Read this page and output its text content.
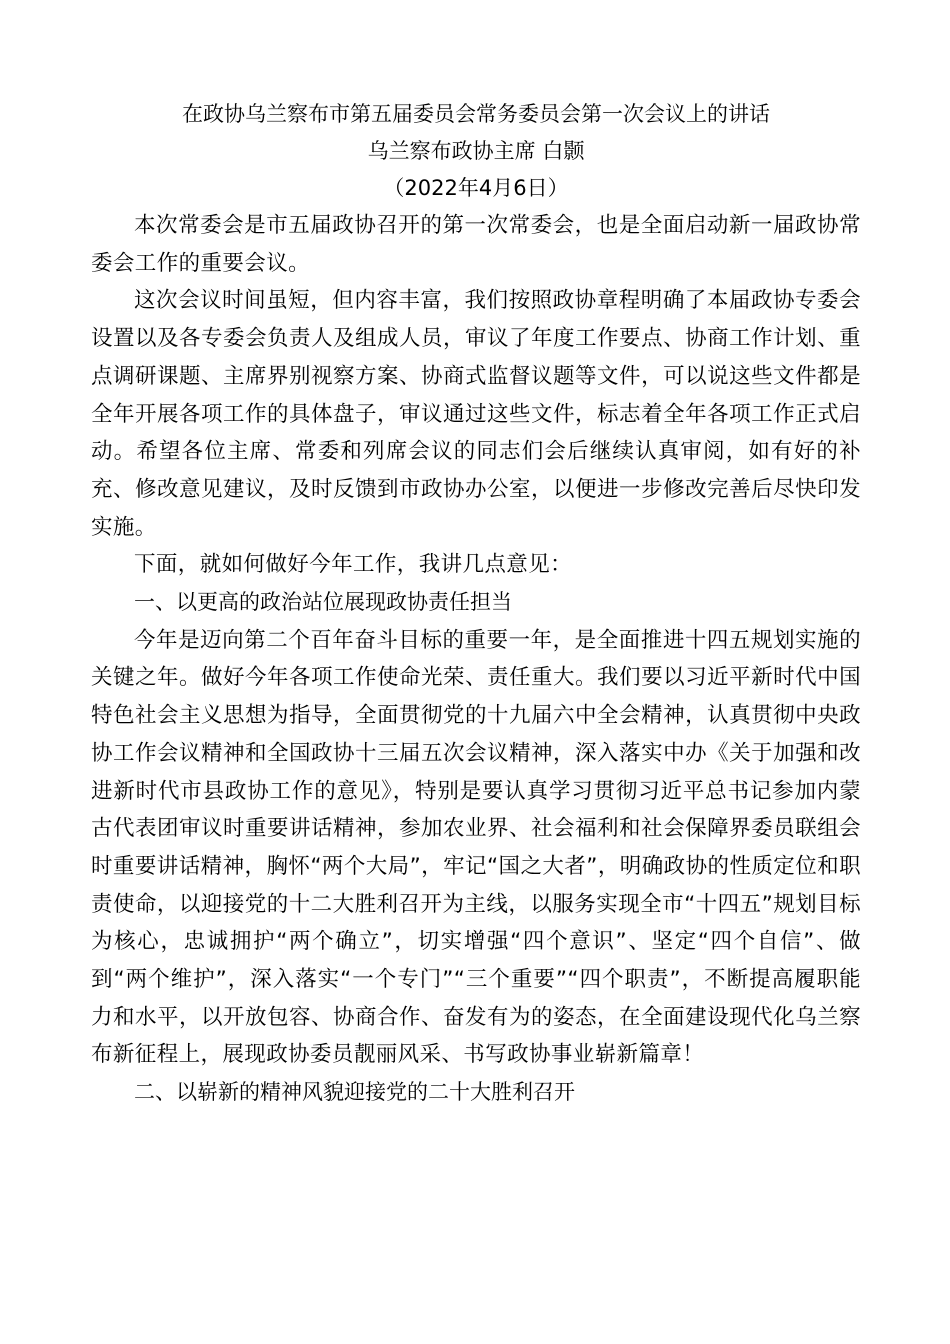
在政协乌兰察布市第五届委员会常务委员会第一次会议上的讲话

乌兰察布政协主席 白颢

（2022年4月6日）

本次常委会是市五届政协召开的第一次常委会，也是全面启动新一届政协常委会工作的重要会议。

这次会议时间虽短，但内容丰富，我们按照政协章程明确了本届政协专委会设置以及各专委会负责人及组成人员，审议了年度工作要点、协商工作计划、重点调研课题、主席界别视察方案、协商式监督议题等文件，可以说这些文件都是全年开展各项工作的具体盘子，审议通过这些文件，标志着全年各项工作正式启动。希望各位主席、常委和列席会议的同志们会后继续认真审阅，如有好的补充、修改意见建议，及时反馈到市政协办公室，以便进一步修改完善后尽快印发实施。

下面，就如何做好今年工作，我讲几点意见：

一、以更高的政治站位展现政协责任担当

今年是迈向第二个百年奋斗目标的重要一年，是全面推进十四五规划实施的关键之年。做好今年各项工作使命光荣、责任重大。我们要以习近平新时代中国特色社会主义思想为指导，全面贯彻党的十九届六中全会精神，认真贯彻中央政协工作会议精神和全国政协十三届五次会议精神，深入落实中办《关于加强和改进新时代市县政协工作的意见》，特别是要认真学习贯彻习近平总书记参加内蒙古代表团审议时重要讲话精神，参加农业界、社会福利和社会保障界委员联组会时重要讲话精神，胸怀“两个大局”，牢记“国之大者”，明确政协的性质定位和职责使命，以迎接党的十二大胜利召开为主线，以服务实现全市“十四五”规划目标为核心，忠诚拥护“两个确立”，切实增强“四个意识”、坚定“四个自信”、做到“两个维护”，深入落实“一个专门”“三个重要”“四个职责”，不断提高履职能力和水平，以开放包容、协商合作、奋发有为的姿态，在全面建设现代化乌兰察布新征程上，展现政协委员靓丽风采、书写政协事业崭新篇章！

二、以崭新的精神风貌迎接党的二十大胜利召开
